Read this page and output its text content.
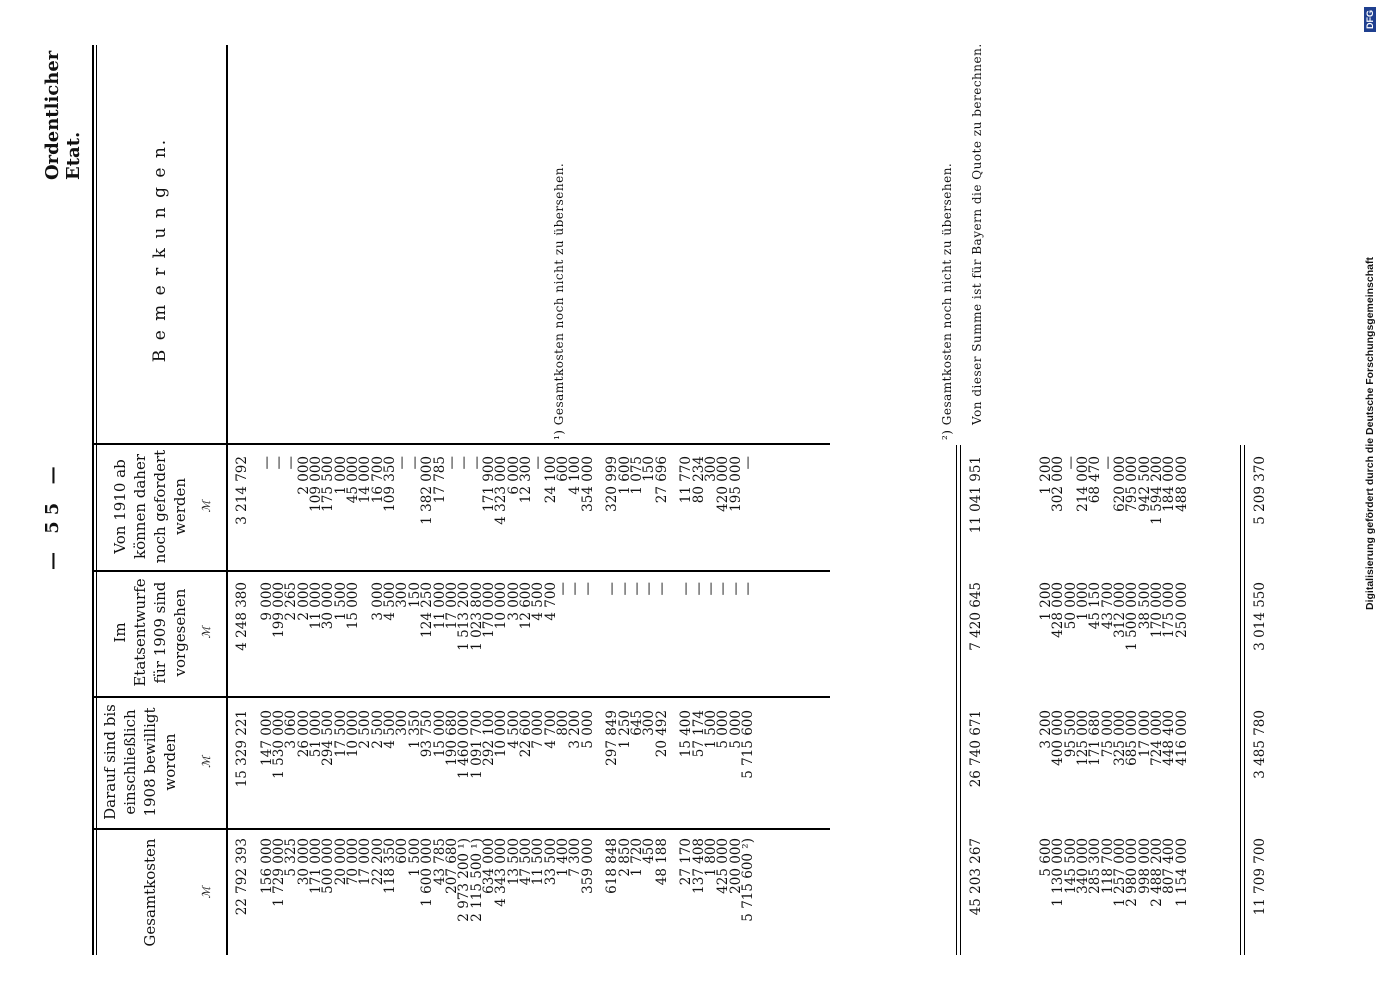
— 55 —
Ordentlicher Etat.
Gesamtkosten	ℳ
Darauf sind bis einschließlich 1908 bewilligt worden ℳ
Im Etatsentwurfe für 1909 sind vorgesehen ℳ
Von 1910 ab können daher noch gefordert werden ℳ
B e m e r k u n g e n.
22 792 393
156 000
1 729 000
5 325
30 000
171 000
500 000
20 000
70 000
17 000
22 200
118 350
600
1 500
1 600 000
43 785
207 680
2 973 200 ¹)
2 115 500 ¹)
634 000
4 343 000
13 500
47 500
11 500
33 500
1 400
7 300
359 000
618 848
2 850
1 720
450
48 188
27 170
137 408
1 800
425 000
200 000
5 715 600 ²)
15 329 221
147 000
1 530 000
3 060
26 000
51 000
294 500
17 500
10 000
2 500
2 500
4 500
300
1 350
93 750
15 000
190 680
1 460 000
1 091 700
292 100
10 000
4 500
22 600
7 000
4 700
800
3 200
5 000
297 849
1 250
645
300
20 492
15 400
57 174
1 500
5 000
5 000
5 715 600
4 248 380
9 000
199 000
2 265
2 000
11 000
30 000
1 500
15 000
3 000
4 500
300
150
124 250
11 000
17 000
1 513 200
1 023 800
170 000
10 000
3 000
12 600
4 500
4 700
—
—
—
—
—
—
—
—
—
—
—
—
—
—
3 214 792
—
—
—
2 000
109 000
175 500
1 000
45 000
14 000
16 700
109 350
—
—
1 382 000
17 785
—
—
—
171 900
4 323 000
6 000
12 300
—
24 100
600
4 100
354 000
320 999
1 600
1 075
150
27 696
11 770
80 234
300
420 000
195 000
—
45 203 267
26 740 671
7 420 645
11 041 951
5 600
1 130 000
145 500
340 000
285 300
118 700
1 257 000
2 980 000
998 000
2 488 200
807 400
1 154 000
3 200
400 000
95 500
125 000
171 680
75 000
325 000
685 000
17 000
724 000
448 400
416 000
1 200
428 000
50 000
1 000
45 150
43 700
312 000
1 500 000
38 500
170 000
175 000
250 000
1 200
302 000
—
214 000
68 470
—
620 000
795 000
942 500
1 594 200
184 000
488 000
11 709 700
3 485 780
3 014 550
5 209 370
¹) Gesamtkosten noch nicht zu übersehen.	²) Gesamtkosten noch nicht zu übersehen. Von dieser Summe ist für Bayern die Quote zu berechnen.
Digitalisierung gefördert durch die Deutsche Forschungsgemeinschaft
DFG
